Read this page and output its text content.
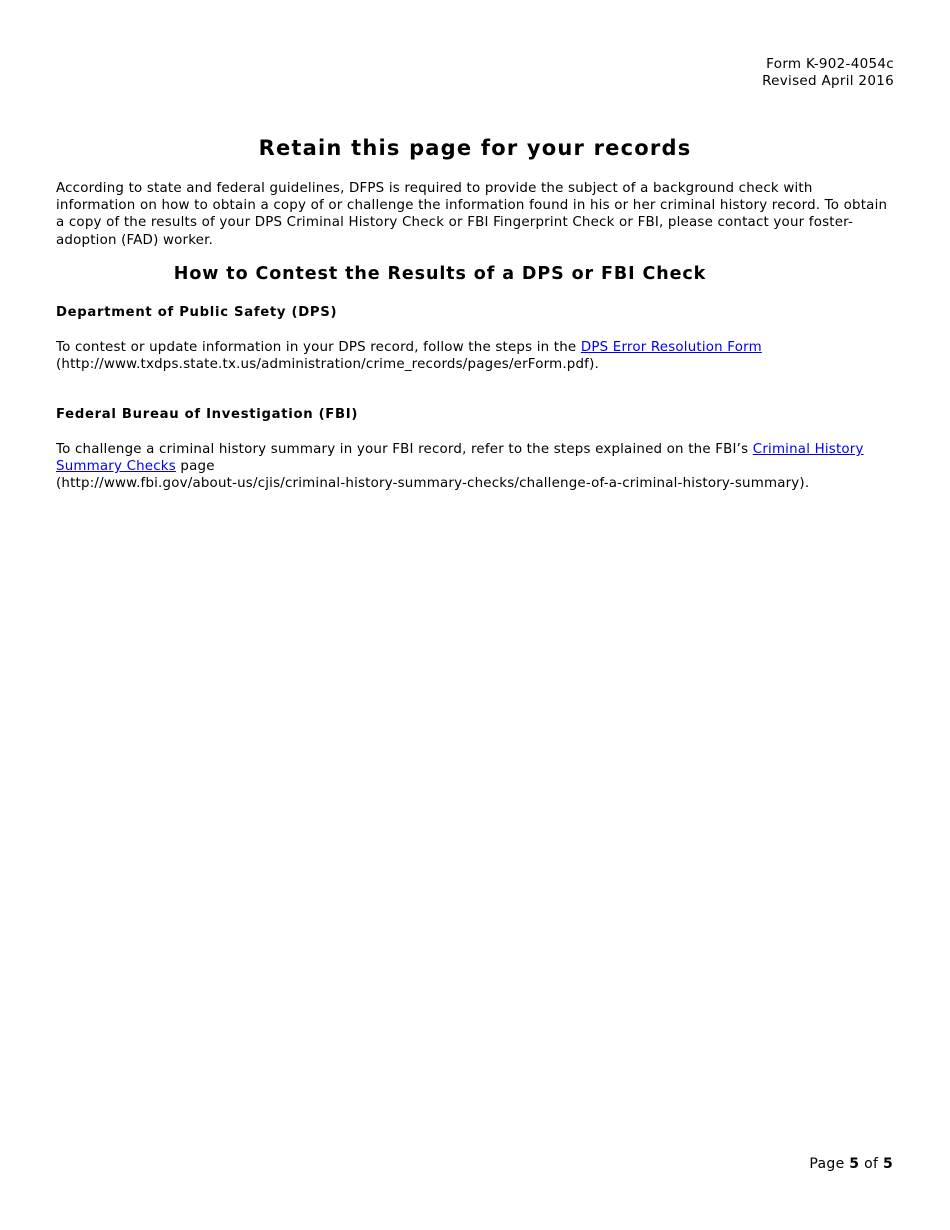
Form K-902-4054c
Revised April 2016
Retain this page for your records

According to state and federal guidelines, DFPS is required to provide the subject of a background check with information on how to obtain a copy of or challenge the information found in his or her criminal history record. To obtain a copy of the results of your DPS Criminal History Check or FBI Fingerprint Check or FBI, please contact your foster-adoption (FAD) worker.

How to Contest the Results of a DPS or FBI Check
Department of Public Safety (DPS)

To contest or update information in your DPS record, follow the steps in the DPS Error Resolution Form
(http://www.txdps.state.tx.us/administration/crime_records/pages/erForm.pdf).

Federal Bureau of Investigation (FBI)

To challenge a criminal history summary in your FBI record, refer to the steps explained on the FBI’s Criminal History Summary Checks page
(http://www.fbi.gov/about-us/cjis/criminal-history-summary-checks/challenge-of-a-criminal-history-summary).

Page 5 of 5
